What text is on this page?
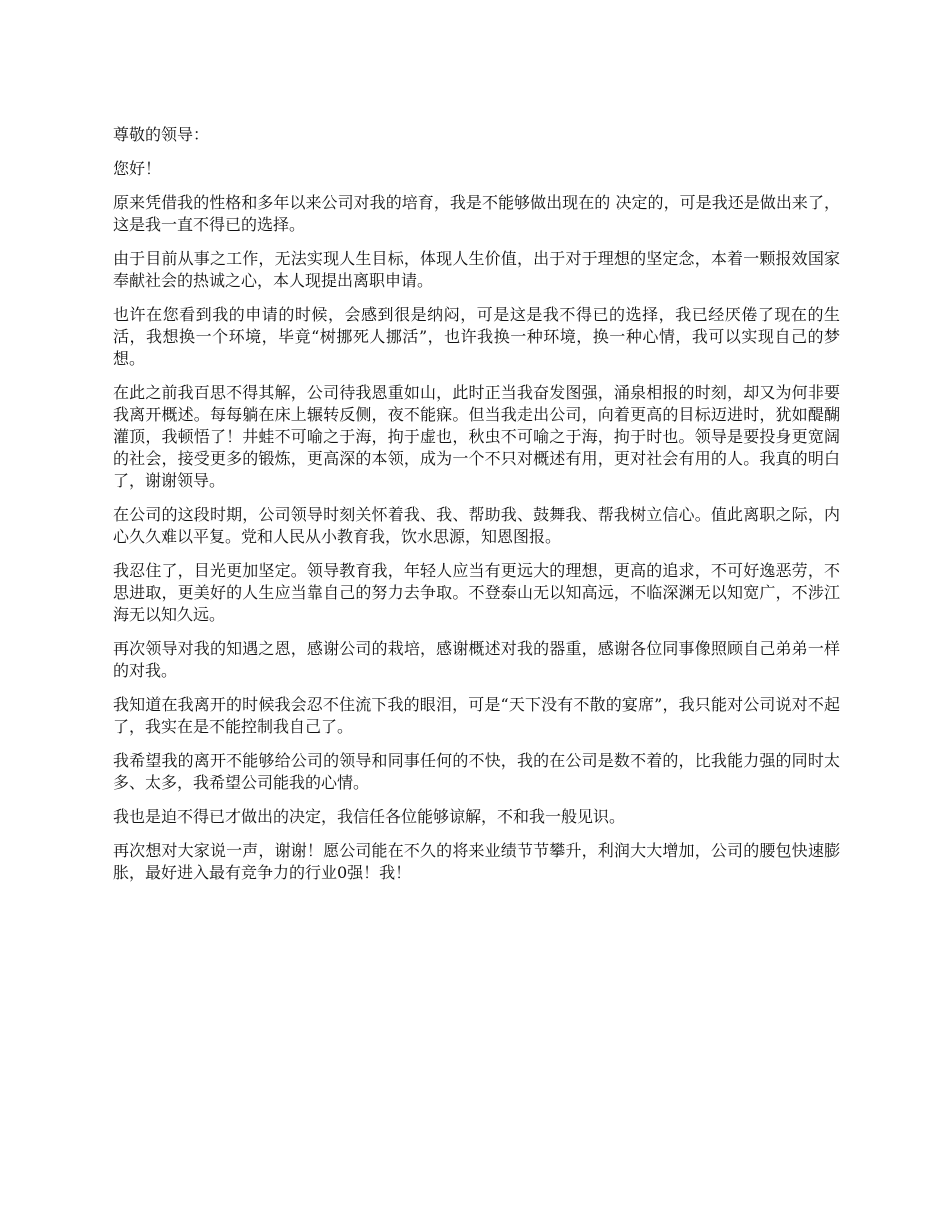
尊敬的领导：

您好！

原来凭借我的性格和多年以来公司对我的培育，我是不能够做出现在的 决定的，可是我还是做出来了，这是我一直不得已的选择。

由于目前从事之工作，无法实现人生目标，体现人生价值，出于对于理想的坚定念，本着一颗报效国家奉献社会的热诚之心，本人现提出离职申请。

也许在您看到我的申请的时候，会感到很是纳闷，可是这是我不得已的选择，我已经厌倦了现在的生活，我想换一个环境，毕竟“树挪死人挪活”，也许我换一种环境，换一种心情，我可以实现自己的梦想。

在此之前我百思不得其解，公司待我恩重如山，此时正当我奋发图强，涌泉相报的时刻，却又为何非要我离开概述。每每躺在床上辗转反侧，夜不能寐。但当我走出公司，向着更高的目标迈进时，犹如醍醐灌顶，我顿悟了！井蛙不可喻之于海，拘于虚也，秋虫不可喻之于海，拘于时也。领导是要投身更宽阔的社会，接受更多的锻炼，更高深的本领，成为一个不只对概述有用，更对社会有用的人。我真的明白了，谢谢领导。

在公司的这段时期，公司领导时刻关怀着我、我、帮助我、鼓舞我、帮我树立信心。值此离职之际，内心久久难以平复。党和人民从小教育我，饮水思源，知恩图报。

我忍住了，目光更加坚定。领导教育我，年轻人应当有更远大的理想，更高的追求，不可好逸恶劳，不思进取，更美好的人生应当靠自己的努力去争取。不登泰山无以知高远，不临深渊无以知宽广，不涉江海无以知久远。

再次领导对我的知遇之恩，感谢公司的栽培，感谢概述对我的器重，感谢各位同事像照顾自己弟弟一样的对我。

我知道在我离开的时候我会忍不住流下我的眼泪，可是“天下没有不散的宴席”，我只能对公司说对不起了，我实在是不能控制我自己了。

我希望我的离开不能够给公司的领导和同事任何的不快，我的在公司是数不着的，比我能力强的同时太多、太多，我希望公司能我的心情。

我也是迫不得已才做出的决定，我信任各位能够谅解，不和我一般见识。

再次想对大家说一声，谢谢！愿公司能在不久的将来业绩节节攀升，利润大大增加，公司的腰包快速膨胀，最好进入最有竞争力的行业0强！我！
